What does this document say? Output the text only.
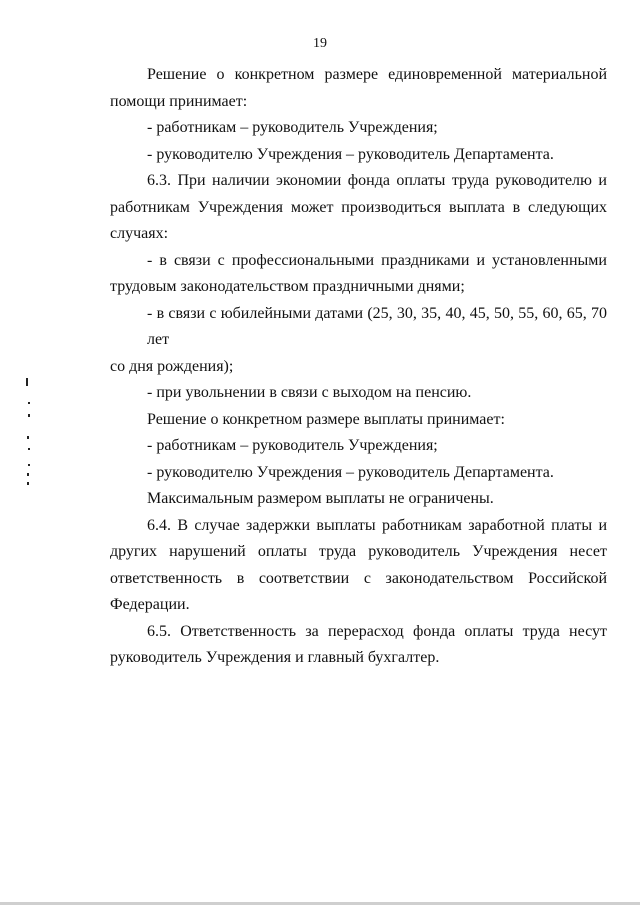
19
Решение о конкретном размере единовременной материальной
помощи принимает:
- работникам – руководитель Учреждения;
- руководителю Учреждения – руководитель Департамента.
6.3. При наличии экономии фонда оплаты труда руководителю и
работникам Учреждения может производиться выплата в следующих
случаях:
- в связи с профессиональными праздниками и установленными
трудовым законодательством праздничными днями;
- в связи с юбилейными датами (25, 30, 35, 40, 45, 50, 55, 60, 65, 70 лет
со дня рождения);
- при увольнении в связи с выходом на пенсию.
Решение о конкретном размере выплаты принимает:
- работникам – руководитель Учреждения;
- руководителю Учреждения – руководитель Департамента.
Максимальным размером выплаты не ограничены.
6.4. В случае задержки выплаты работникам заработной платы и
других нарушений оплаты труда руководитель Учреждения несет
ответственность в соответствии с законодательством Российской
Федерации.
6.5. Ответственность за перерасход фонда оплаты труда несут
руководитель Учреждения и главный бухгалтер.
